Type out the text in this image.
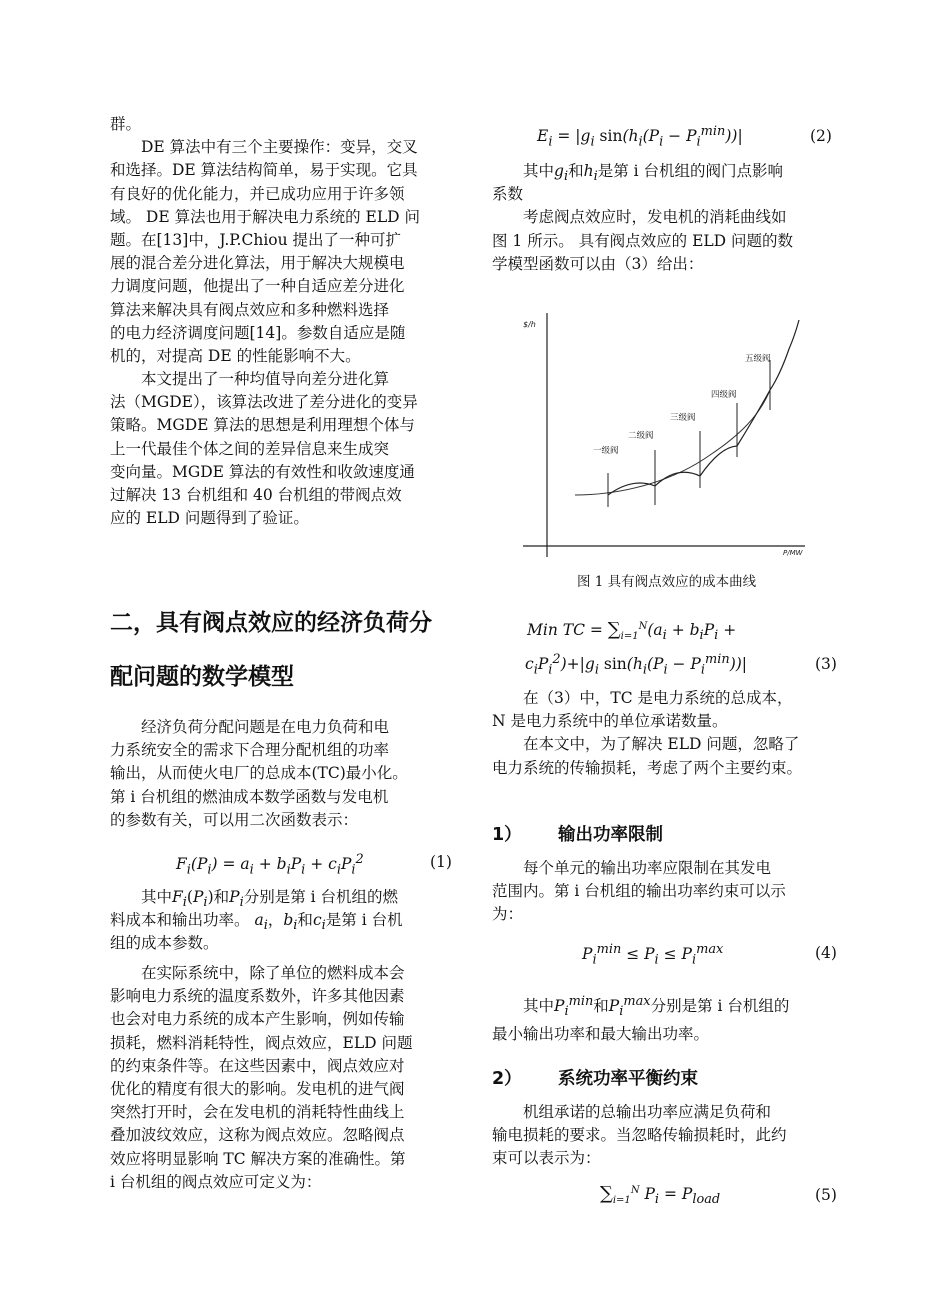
群。
DE 算法中有三个主要操作：变异，交叉
和选择。DE 算法结构简单，易于实现。它具
有良好的优化能力，并已成功应用于许多领
域。 DE 算法也用于解决电力系统的 ELD 问
题。在[13]中，J.P.Chiou 提出了一种可扩
展的混合差分进化算法，用于解决大规模电
力调度问题，他提出了一种自适应差分进化
算法来解决具有阀点效应和多种燃料选择
的电力经济调度问题[14]。参数自适应是随
机的，对提高 DE 的性能影响不大。
本文提出了一种均值导向差分进化算
法（MGDE），该算法改进了差分进化的变异
策略。MGDE 算法的思想是利用理想个体与
上一代最佳个体之间的差异信息来生成突
变向量。MGDE 算法的有效性和收敛速度通
过解决 13 台机组和 40 台机组的带阀点效
应的 ELD 问题得到了验证。
二，具有阀点效应的经济负荷分
配问题的数学模型
经济负荷分配问题是在电力负荷和电
力系统安全的需求下合理分配机组的功率
输出，从而使火电厂的总成本(TC)最小化。
第 i 台机组的燃油成本数学函数与发电机
的参数有关，可以用二次函数表示：
$F_i(P_i) = a_i + b_iP_i + c_iP_i^2$	(1)
其中$F_i(P_i)$和$P_i$分别是第 i 台机组的燃
料成本和输出功率。 $a_i$，$b_i$和$c_i$是第 i 台机
组的成本参数。
在实际系统中，除了单位的燃料成本会
影响电力系统的温度系数外，许多其他因素
也会对电力系统的成本产生影响，例如传输
损耗，燃料消耗特性，阀点效应，ELD 问题
的约束条件等。在这些因素中，阀点效应对
优化的精度有很大的影响。发电机的进气阀
突然打开时，会在发电机的消耗特性曲线上
叠加波纹效应，这称为阀点效应。忽略阀点
效应将明显影响 TC 解决方案的准确性。第
i 台机组的阀点效应可定义为：
$E_i = |g_i$ $\sin(h_i(P_i - P_i^{min}))|$	(2)
其中$g_i$和$h_i$是第 i 台机组的阀门点影响
系数
考虑阀点效应时，发电机的消耗曲线如
图 1 所示。 具有阀点效应的 ELD 问题的数
学模型函数可以由（3）给出：
$/h
P/MW
一级阀
二级阀
三级阀
四级阀
五级阀
图 1 具有阀点效应的成本曲线
Min TC = $\sum_{i=1}^N(a_i + b_iP_i$ +
$c_iP_i^2)+|g_i$ $\sin(h_i(P_i - P_i^{min}))|$	(3)
在（3）中，TC 是电力系统的总成本，
N 是电力系统中的单位承诺数量。
在本文中，为了解决 ELD 问题，忽略了
电力系统的传输损耗，考虑了两个主要约束。
1） 输出功率限制
每个单元的输出功率应限制在其发电
范围内。第 i 台机组的输出功率约束可以示
为：
$P_i^{min} \le P_i \le P_i^{max}$	(4)
其中$P_i^{min}$和$P_i^{max}$分别是第 i 台机组的
最小输出功率和最大输出功率。
2） 系统功率平衡约束
机组承诺的总输出功率应满足负荷和
输电损耗的要求。当忽略传输损耗时，此约
束可以表示为：
$\sum_{i=1}^N$ $P_i = P_{load}$	(5)
